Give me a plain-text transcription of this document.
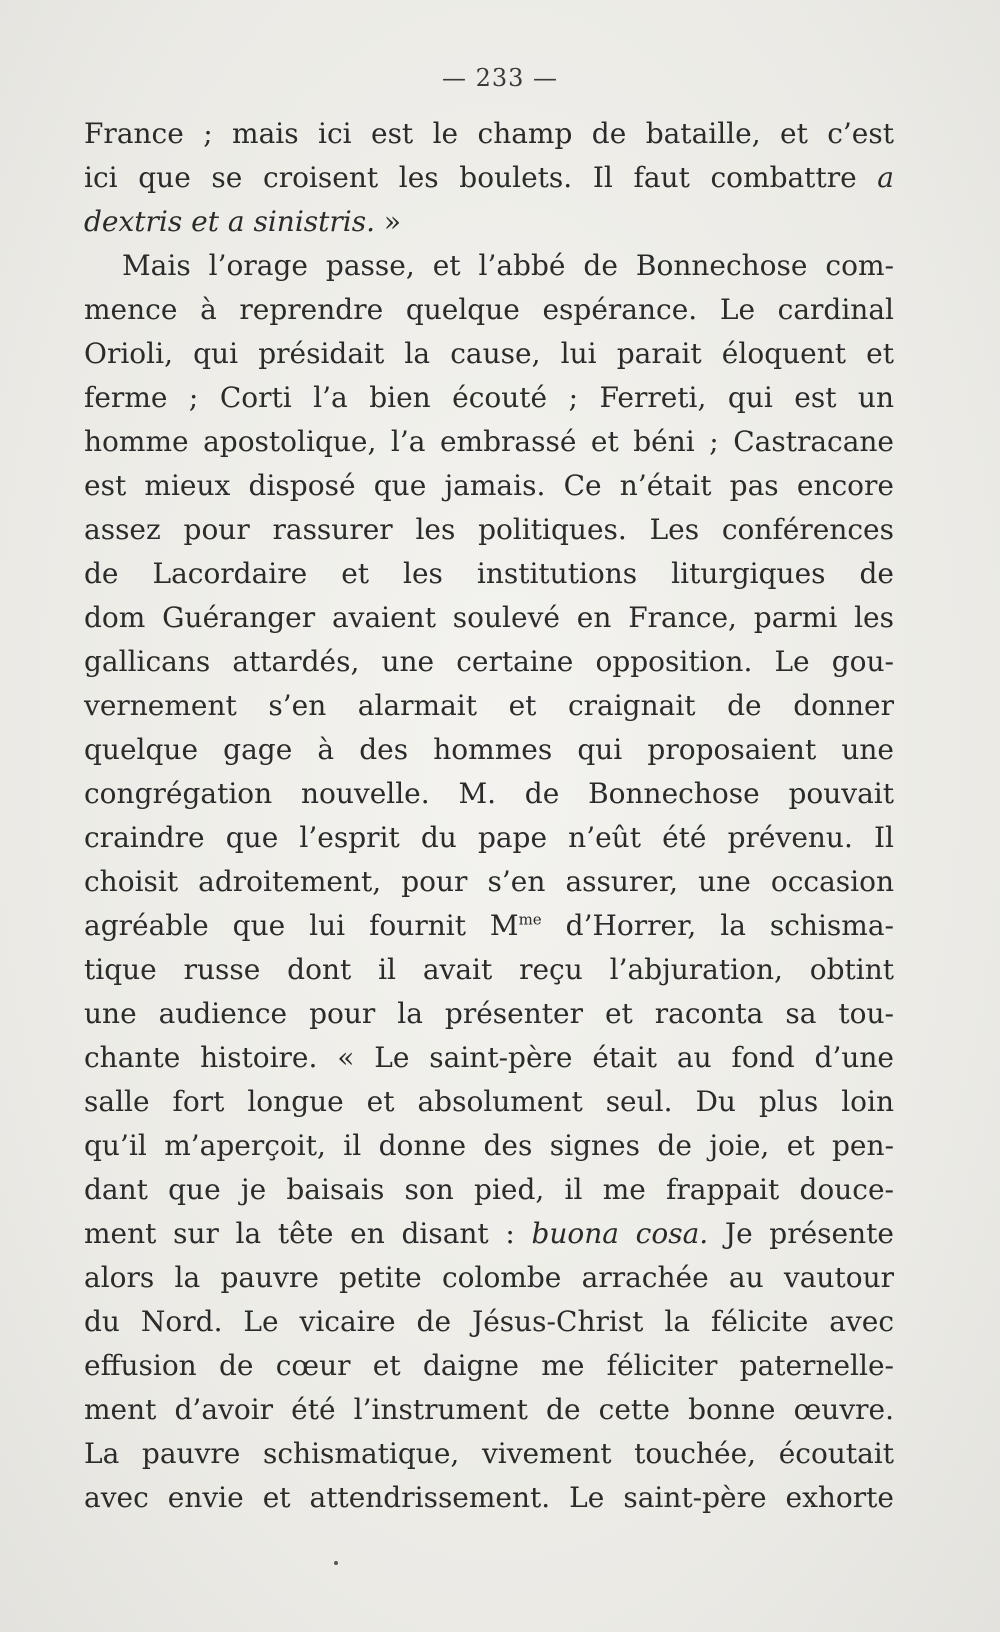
— 233 —
France ; mais ici est le champ de bataille, et c’est
ici que se croisent les boulets. Il faut combattre a
dextris et a sinistris. »
Mais l’orage passe, et l’abbé de Bonnechose com-
mence à reprendre quelque espérance. Le cardinal
Orioli, qui présidait la cause, lui parait éloquent et
ferme ; Corti l’a bien écouté ; Ferreti, qui est un
homme apostolique, l’a embrassé et béni ; Castracane
est mieux disposé que jamais. Ce n’était pas encore
assez pour rassurer les politiques. Les conférences
de Lacordaire et les institutions liturgiques de
dom Guéranger avaient soulevé en France, parmi les
gallicans attardés, une certaine opposition. Le gou-
vernement s’en alarmait et craignait de donner
quelque gage à des hommes qui proposaient une
congrégation nouvelle. M. de Bonnechose pouvait
craindre que l’esprit du pape n’eût été prévenu. Il
choisit adroitement, pour s’en assurer, une occasion
agréable que lui fournit $M^{me}$ d’Horrer, la schisma-
tique russe dont il avait reçu l’abjuration, obtint
une audience pour la présenter et raconta sa tou-
chante histoire. « Le saint-père était au fond d’une
salle fort longue et absolument seul. Du plus loin
qu’il m’aperçoit, il donne des signes de joie, et pen-
dant que je baisais son pied, il me frappait douce-
ment sur la tête en disant : buona cosa. Je présente
alors la pauvre petite colombe arrachée au vautour
du Nord. Le vicaire de Jésus-Christ la félicite avec
effusion de cœur et daigne me féliciter paternelle-
ment d’avoir été l’instrument de cette bonne œuvre.
La pauvre schismatique, vivement touchée, écoutait
avec envie et attendrissement. Le saint-père exhorte
